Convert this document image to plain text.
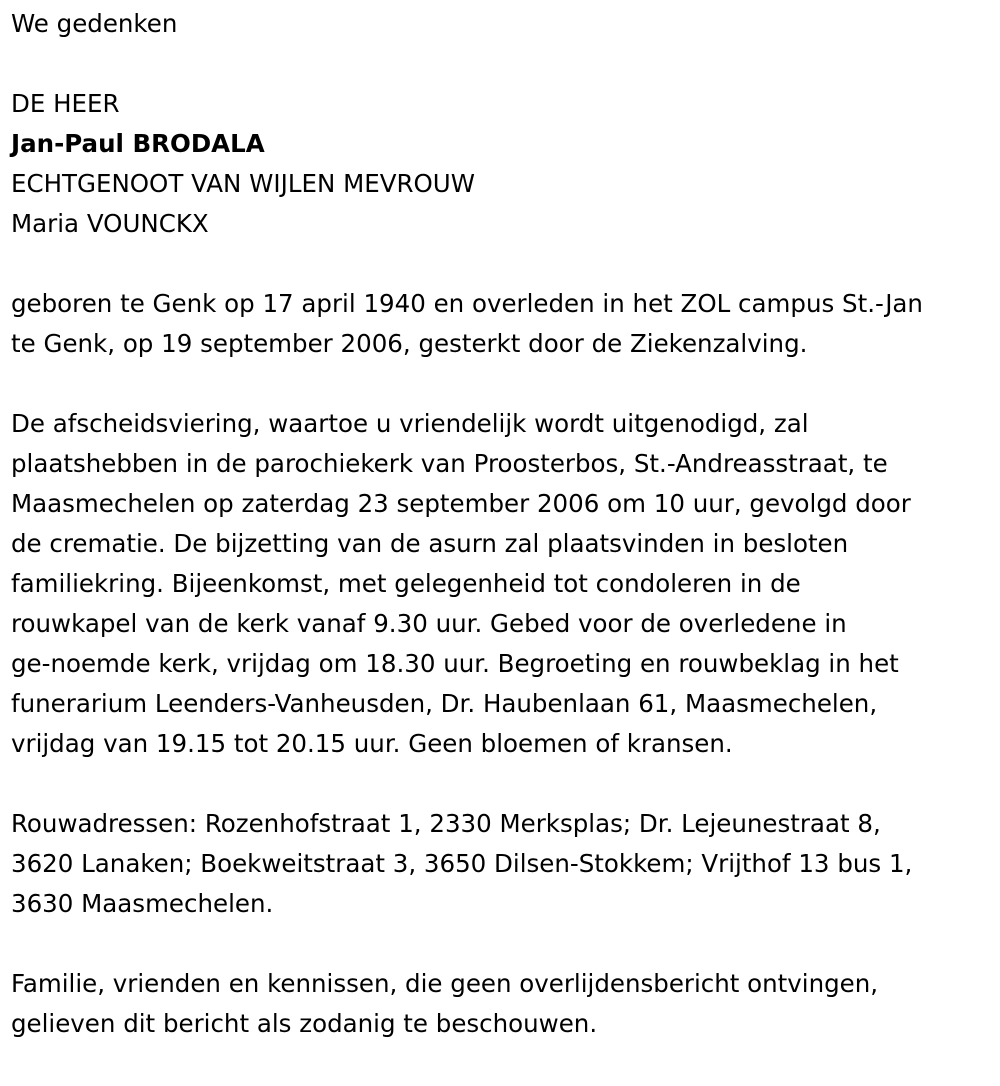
We gedenken

DE HEER

Jan-Paul BRODALA

ECHTGENOOT VAN WIJLEN MEVROUW

Maria VOUNCKX

geboren te Genk op 17 april 1940 en overleden in het ZOL campus St.-Jan
te Genk, op 19 september 2006, gesterkt door de Ziekenzalving.

De afscheidsviering, waartoe u vriendelijk wordt uitgenodigd, zal
plaatshebben in de parochiekerk van Proosterbos, St.-Andreasstraat, te
Maasmechelen op zaterdag 23 september 2006 om 10 uur, gevolgd door
de crematie. De bijzetting van de asurn zal plaatsvinden in besloten
familiekring. Bijeenkomst, met gelegenheid tot condoleren in de
rouwkapel van de kerk vanaf 9.30 uur. Gebed voor de overledene in
ge-noemde kerk, vrijdag om 18.30 uur. Begroeting en rouwbeklag in het
funerarium Leenders-Vanheusden, Dr. Haubenlaan 61, Maasmechelen,
vrijdag van 19.15 tot 20.15 uur. Geen bloemen of kransen.

Rouwadressen: Rozenhofstraat 1, 2330 Merksplas; Dr. Lejeunestraat 8,
3620 Lanaken; Boekweitstraat 3, 3650 Dilsen-Stokkem; Vrijthof 13 bus 1,
3630 Maasmechelen.

Familie, vrienden en kennissen, die geen overlijdensbericht ontvingen,
gelieven dit bericht als zodanig te beschouwen.
